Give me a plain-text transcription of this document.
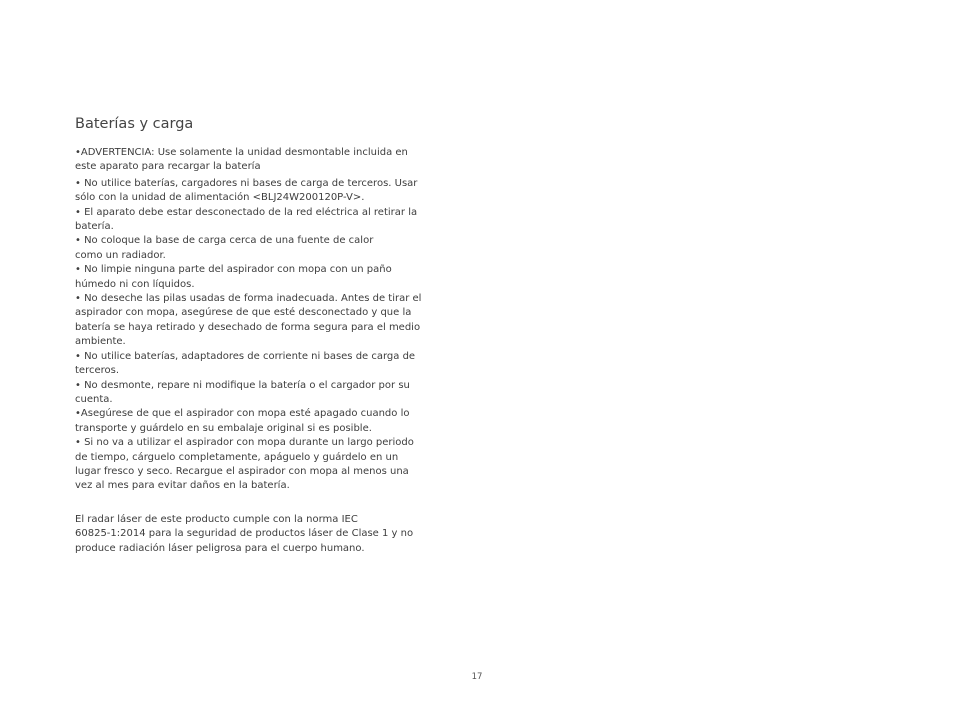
Baterías y carga

•ADVERTENCIA: Use solamente la unidad desmontable incluida en
este aparato para recargar la batería

• No utilice baterías, cargadores ni bases de carga de terceros. Usar
sólo con la unidad de alimentación <BLJ24W200120P-V>.

• El aparato debe estar desconectado de la red eléctrica al retirar la
batería.

• No coloque la base de carga cerca de una fuente de calor
como un radiador.

• No limpie ninguna parte del aspirador con mopa con un paño
húmedo ni con líquidos.

• No deseche las pilas usadas de forma inadecuada. Antes de tirar el
aspirador con mopa, asegúrese de que esté desconectado y que la
batería se haya retirado y desechado de forma segura para el medio
ambiente.

• No utilice baterías, adaptadores de corriente ni bases de carga de
terceros.

• No desmonte, repare ni modifique la batería o el cargador por su
cuenta.

•Asegúrese de que el aspirador con mopa esté apagado cuando lo
transporte y guárdelo en su embalaje original si es posible.

• Si no va a utilizar el aspirador con mopa durante un largo periodo
de tiempo, cárguelo completamente, apáguelo y guárdelo en un
lugar fresco y seco. Recargue el aspirador con mopa al menos una
vez al mes para evitar daños en la batería.

El radar láser de este producto cumple con la norma IEC
60825-1:2014 para la seguridad de productos láser de Clase 1 y no
produce radiación láser peligrosa para el cuerpo humano.

17
